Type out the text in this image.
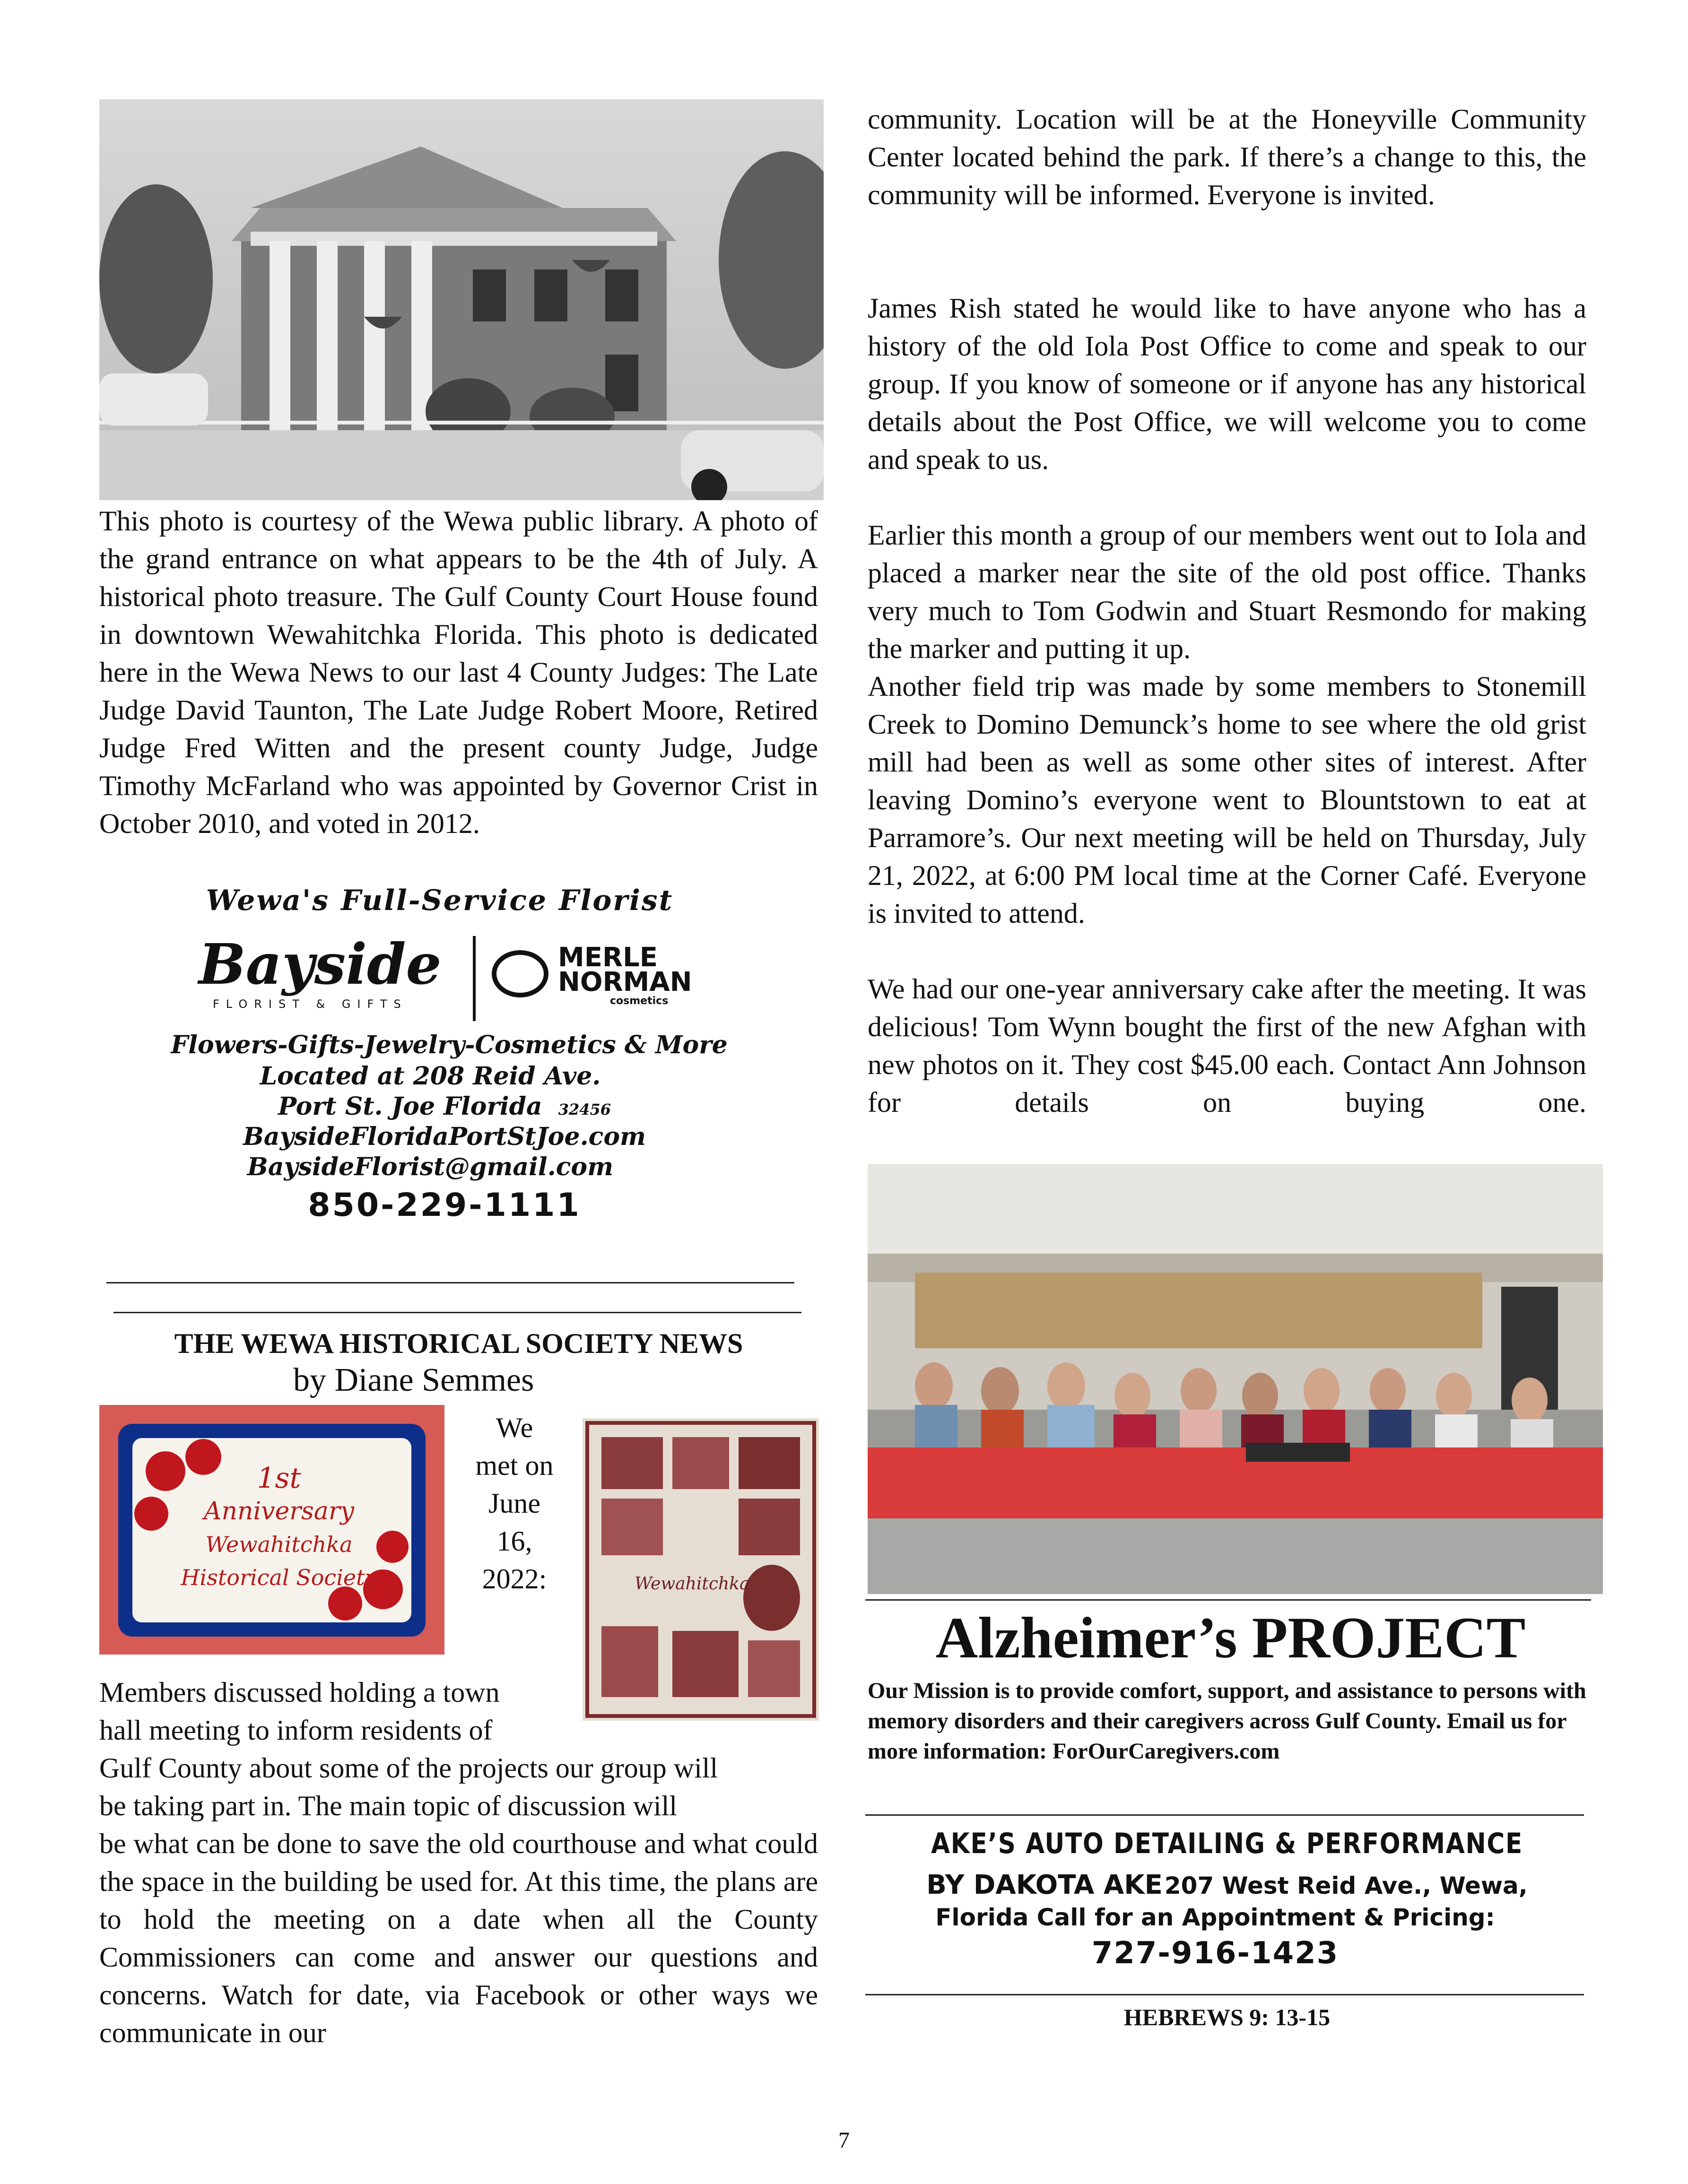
This photo is courtesy of the Wewa public library. A photo of the grand entrance on what appears to be the 4th of July. A historical photo treasure. The Gulf County Court House found in downtown Wewahitchka Florida. This photo is dedicated here in the Wewa News to our last 4 County Judges: The Late Judge David Taunton, The Late Judge Robert Moore, Retired Judge Fred Witten and the present county Judge, Judge Timothy McFarland who was appointed by Governor Crist in October 2010, and voted in 2012.
Wewa's Full-Service Florist
Bayside
FLORIST & GIFTS
MERLE
NORMAN
cosmetics
Flowers-Gifts-Jewelry-Cosmetics & More
Located at 208 Reid Ave.
Port St. Joe Florida 32456
BaysideFloridaPortStJoe.com
BaysideFlorist@gmail.com
850-229-1111
THE WEWA HISTORICAL SOCIETY NEWS
by Diane Semmes
1st
Anniversary
Wewahitchka
Historical Society
We
met on
June
16,
2022:	Wewahitchka
Members discussed holding a town
hall meeting to inform residents of
Gulf County about some of the projects our group will
be taking part in. The main topic of discussion will
be what can be done to save the old courthouse and what could the space in the building be used for. At this time, the plans are to hold the meeting on a date when all the County Commissioners can come and answer our questions and concerns. Watch for date, via Facebook or other ways we communicate in our
community. Location will be at the Honeyville Community Center located behind the park. If there’s a change to this, the community will be informed. Everyone is invited.
James Rish stated he would like to have anyone who has a history of the old Iola Post Office to come and speak to our group. If you know of someone or if anyone has any historical details about the Post Office, we will welcome you to come and speak to us.
Earlier this month a group of our members went out to Iola and placed a marker near the site of the old post office. Thanks very much to Tom Godwin and Stuart Resmondo for making the marker and putting it up.
Another field trip was made by some members to Stonemill Creek to Domino Demunck’s home to see where the old grist mill had been as well as some other sites of interest. After leaving Domino’s everyone went to Blountstown to eat at Parramore’s. Our next meeting will be held on Thursday, July 21, 2022, at 6:00 PM local time at the Corner Café. Everyone is invited to attend.
We had our one-year anniversary cake after the meeting. It was delicious! Tom Wynn bought the first of the new Afghan with new photos on it. They cost $45.00 each. Contact Ann Johnson for details on buying one.
Alzheimer’s PROJECT
Our Mission is to provide comfort, support, and assistance to persons with memory disorders and their caregivers across Gulf County. Email us for more information: ForOurCaregivers.com
AKE’S AUTO DETAILING & PERFORMANCE
BY DAKOTA AKE 207 West Reid Ave., Wewa,
Florida Call for an Appointment & Pricing:
727-916-1423
HEBREWS 9: 13-15
7
